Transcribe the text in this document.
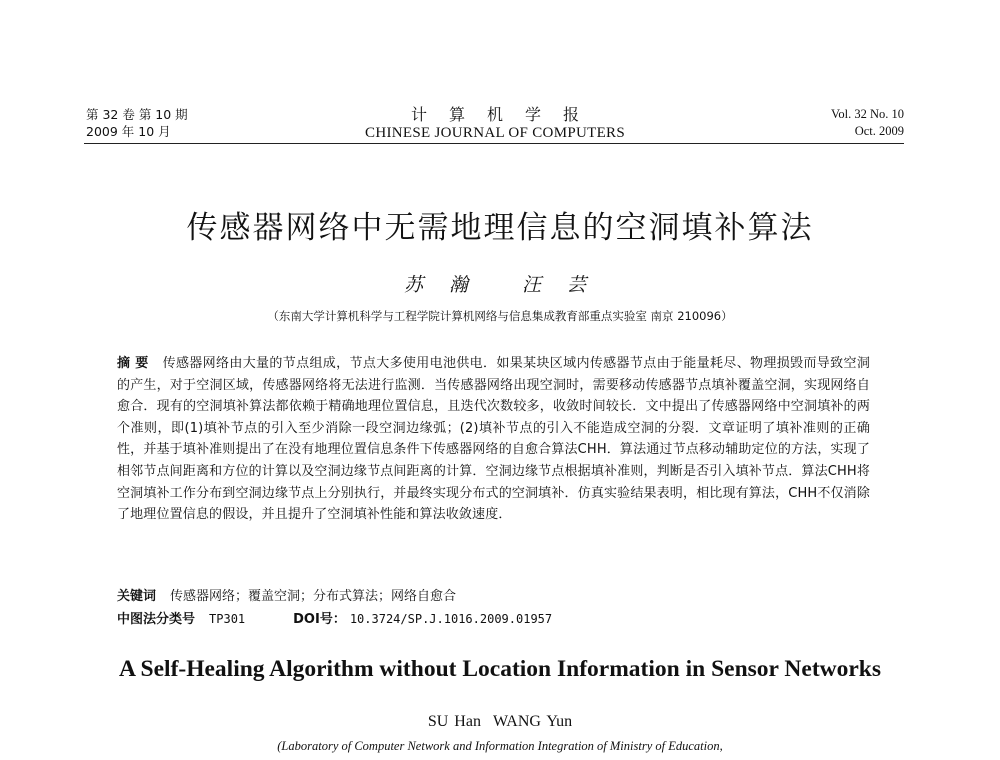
第 32 卷 第 10 期
2009 年 10 月
计算机学报
CHINESE JOURNAL OF COMPUTERS
Vol. 32 No. 10
Oct. 2009
传感器网络中无需地理信息的空洞填补算法
苏 瀚 汪 芸
（东南大学计算机科学与工程学院计算机网络与信息集成教育部重点实验室 南京 210096）
摘 要 传感器网络由大量的节点组成，节点大多使用电池供电．如果某块区域内传感器节点由于能量耗尽、物理损毁而导致空洞的产生，对于空洞区域，传感器网络将无法进行监测．当传感器网络出现空洞时，需要移动传感器节点填补覆盖空洞，实现网络自愈合．现有的空洞填补算法都依赖于精确地理位置信息，且迭代次数较多，收敛时间较长．文中提出了传感器网络中空洞填补的两个准则，即(1)填补节点的引入至少消除一段空洞边缘弧；(2)填补节点的引入不能造成空洞的分裂．文章证明了填补准则的正确性，并基于填补准则提出了在没有地理位置信息条件下传感器网络的自愈合算法CHH．算法通过节点移动辅助定位的方法，实现了相邻节点间距离和方位的计算以及空洞边缘节点间距离的计算．空洞边缘节点根据填补准则，判断是否引入填补节点．算法CHH将空洞填补工作分布到空洞边缘节点上分别执行，并最终实现分布式的空洞填补．仿真实验结果表明，相比现有算法，CHH不仅消除了地理位置信息的假设，并且提升了空洞填补性能和算法收敛速度．
关键词 传感器网络；覆盖空洞；分布式算法；网络自愈合
中图法分类号 TP301	DOI号： 10.3724/SP.J.1016.2009.01957
A Self-Healing Algorithm without Location Information in Sensor Networks
SU Han WANG Yun
(Laboratory of Computer Network and Information Integration of Ministry of Education,
